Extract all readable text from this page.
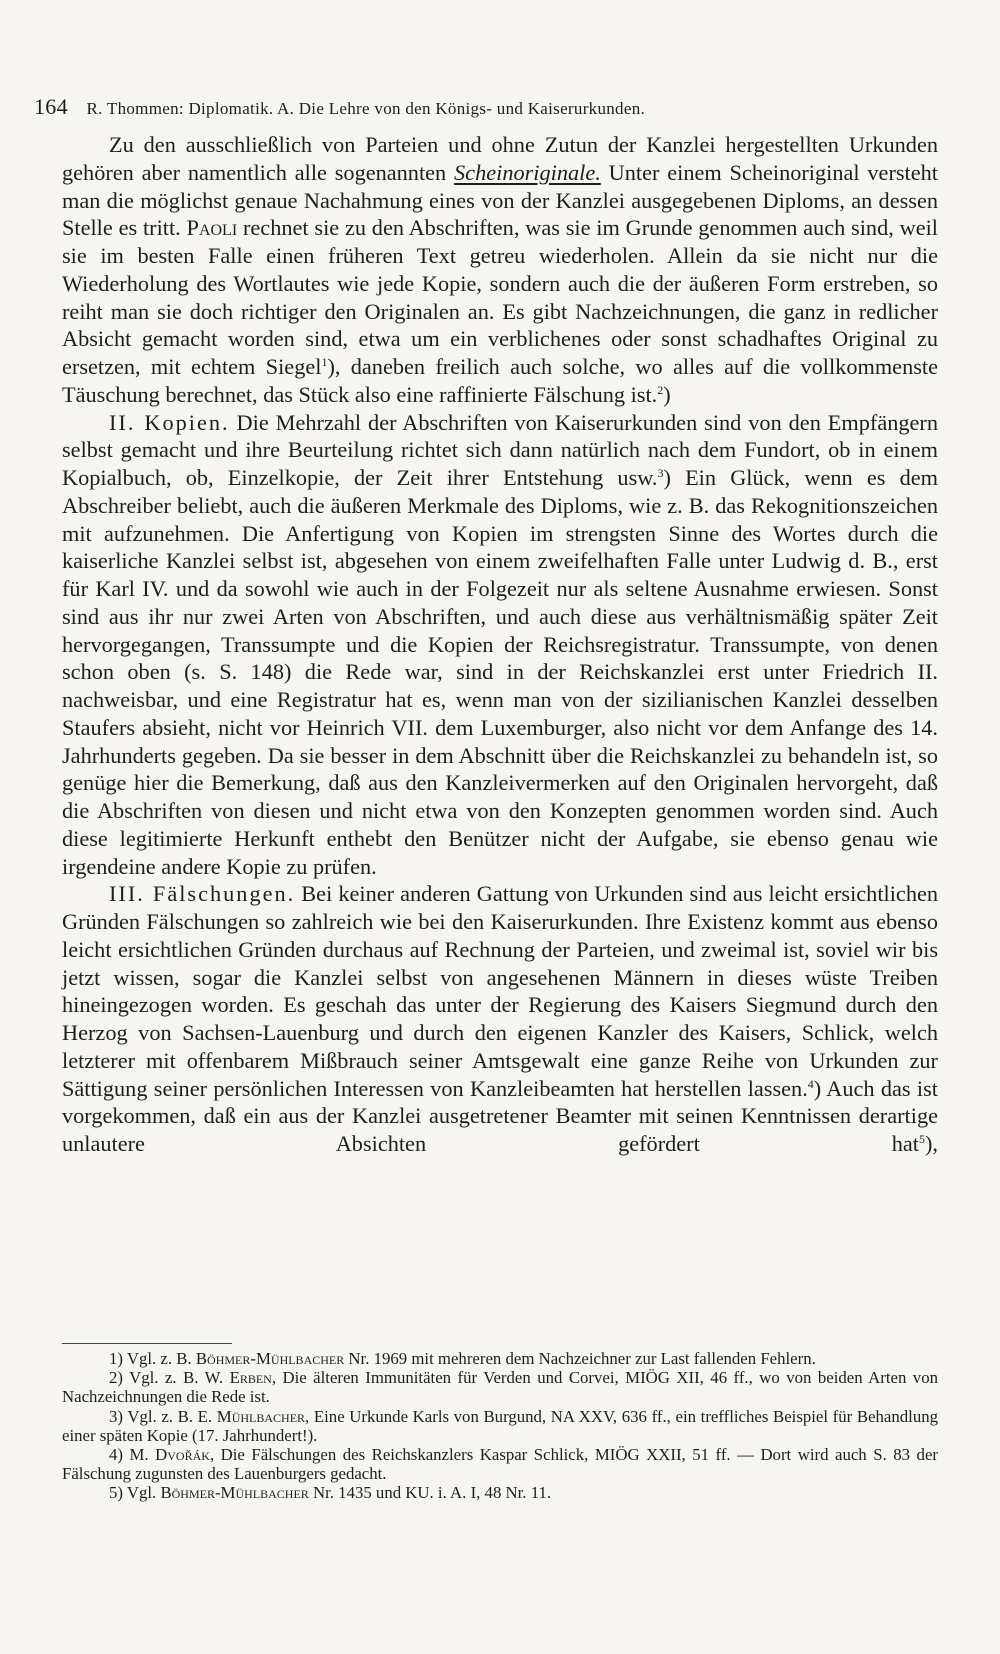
164 R. Thommen: Diplomatik. A. Die Lehre von den Königs- und Kaiserurkunden.

Zu den ausschließlich von Parteien und ohne Zutun der Kanzlei hergestellten Urkunden gehören aber namentlich alle sogenannten Scheinoriginale. Unter einem Scheinoriginal versteht man die möglichst genaue Nachahmung eines von der Kanzlei ausgegebenen Diploms, an dessen Stelle es tritt. Paoli rechnet sie zu den Abschriften, was sie im Grunde genommen auch sind, weil sie im besten Falle einen früheren Text getreu wiederholen. Allein da sie nicht nur die Wiederholung des Wortlautes wie jede Kopie, sondern auch die der äußeren Form erstreben, so reiht man sie doch richtiger den Originalen an. Es gibt Nachzeichnungen, die ganz in redlicher Absicht gemacht worden sind, etwa um ein verblichenes oder sonst schadhaftes Original zu ersetzen, mit echtem Siegel$^1$), daneben freilich auch solche, wo alles auf die vollkommenste Täuschung berechnet, das Stück also eine raffinierte Fälschung ist.$^2$)

II. Kopien. Die Mehrzahl der Abschriften von Kaiserurkunden sind von den Empfängern selbst gemacht und ihre Beurteilung richtet sich dann natürlich nach dem Fundort, ob in einem Kopialbuch, ob, Einzelkopie, der Zeit ihrer Entstehung usw.$^3$) Ein Glück, wenn es dem Abschreiber beliebt, auch die äußeren Merkmale des Diploms, wie z. B. das Rekognitionszeichen mit aufzunehmen. Die Anfertigung von Kopien im strengsten Sinne des Wortes durch die kaiserliche Kanzlei selbst ist, abgesehen von einem zweifelhaften Falle unter Ludwig d. B., erst für Karl IV. und da sowohl wie auch in der Folgezeit nur als seltene Ausnahme erwiesen. Sonst sind aus ihr nur zwei Arten von Abschriften, und auch diese aus verhältnismäßig später Zeit hervorgegangen, Transsumpte und die Kopien der Reichsregistratur. Transsumpte, von denen schon oben (s. S. 148) die Rede war, sind in der Reichskanzlei erst unter Friedrich II. nachweisbar, und eine Registratur hat es, wenn man von der sizilianischen Kanzlei desselben Staufers absieht, nicht vor Heinrich VII. dem Luxemburger, also nicht vor dem Anfange des 14. Jahrhunderts gegeben. Da sie besser in dem Abschnitt über die Reichskanzlei zu behandeln ist, so genüge hier die Bemerkung, daß aus den Kanzleivermerken auf den Originalen hervorgeht, daß die Abschriften von diesen und nicht etwa von den Konzepten genommen worden sind. Auch diese legitimierte Herkunft enthebt den Benützer nicht der Aufgabe, sie ebenso genau wie irgendeine andere Kopie zu prüfen.

III. Fälschungen. Bei keiner anderen Gattung von Urkunden sind aus leicht ersichtlichen Gründen Fälschungen so zahlreich wie bei den Kaiserurkunden. Ihre Existenz kommt aus ebenso leicht ersichtlichen Gründen durchaus auf Rechnung der Parteien, und zweimal ist, soviel wir bis jetzt wissen, sogar die Kanzlei selbst von angesehenen Männern in dieses wüste Treiben hineingezogen worden. Es geschah das unter der Regierung des Kaisers Siegmund durch den Herzog von Sachsen-Lauenburg und durch den eigenen Kanzler des Kaisers, Schlick, welch letzterer mit offenbarem Mißbrauch seiner Amtsgewalt eine ganze Reihe von Urkunden zur Sättigung seiner persönlichen Interessen von Kanzleibeamten hat herstellen lassen.$^4$) Auch das ist vorgekommen, daß ein aus der Kanzlei ausgetretener Beamter mit seinen Kenntnissen derartige unlautere Absichten gefördert hat$^5$),

1) Vgl. z. B. Böhmer-Mühlbacher Nr. 1969 mit mehreren dem Nachzeichner zur Last fallenden Fehlern.

2) Vgl. z. B. W. Erben, Die älteren Immunitäten für Verden und Corvei, MIÖG XII, 46 ff., wo von beiden Arten von Nachzeichnungen die Rede ist.

3) Vgl. z. B. E. Mühlbacher, Eine Urkunde Karls von Burgund, NA XXV, 636 ff., ein treffliches Beispiel für Behandlung einer späten Kopie (17. Jahrhundert!).

4) M. Dvořák, Die Fälschungen des Reichskanzlers Kaspar Schlick, MIÖG XXII, 51 ff. — Dort wird auch S. 83 der Fälschung zugunsten des Lauenburgers gedacht.

5) Vgl. Böhmer-Mühlbacher Nr. 1435 und KU. i. A. I, 48 Nr. 11.
